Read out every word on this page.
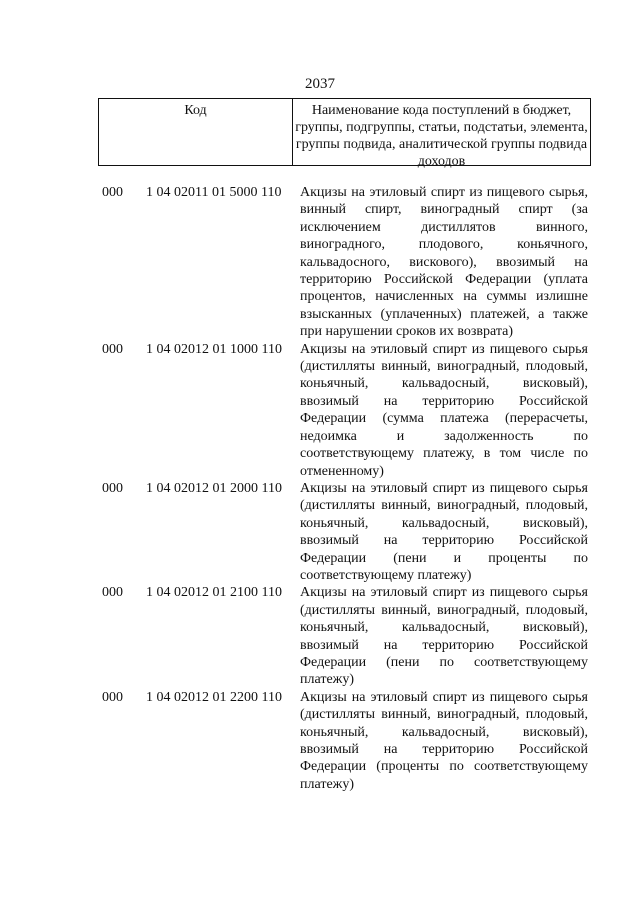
2037
Код	Наименование кода поступлений в бюджет, группы, подгруппы, статьи, подстатьи, элемента, группы подвида, аналитической группы подвида доходов
000	1 04 02011 01 5000 110	Акцизы на этиловый спирт из пищевого сырья, винный спирт, виноградный спирт (за исключением дистиллятов винного, виноградного, плодового, коньячного, кальвадосного, вискового), ввозимый на территорию Российской Федерации (уплата процентов, начисленных на суммы излишне взысканных (уплаченных) платежей, а также при нарушении сроков их возврата)
000	1 04 02012 01 1000 110	Акцизы на этиловый спирт из пищевого сырья (дистилляты винный, виноградный, плодовый, коньячный, кальвадосный, висковый), ввозимый на территорию Российской Федерации (сумма платежа (перерасчеты, недоимка и задолженность по соответствующему платежу, в том числе по отмененному)
000	1 04 02012 01 2000 110	Акцизы на этиловый спирт из пищевого сырья (дистилляты винный, виноградный, плодовый, коньячный, кальвадосный, висковый), ввозимый на территорию Российской Федерации (пени и проценты по соответствующему платежу)
000	1 04 02012 01 2100 110	Акцизы на этиловый спирт из пищевого сырья (дистилляты винный, виноградный, плодовый, коньячный, кальвадосный, висковый), ввозимый на территорию Российской Федерации (пени по соответствующему платежу)
000	1 04 02012 01 2200 110	Акцизы на этиловый спирт из пищевого сырья (дистилляты винный, виноградный, плодовый, коньячный, кальвадосный, висковый), ввозимый на территорию Российской Федерации (проценты по соответствующему платежу)
